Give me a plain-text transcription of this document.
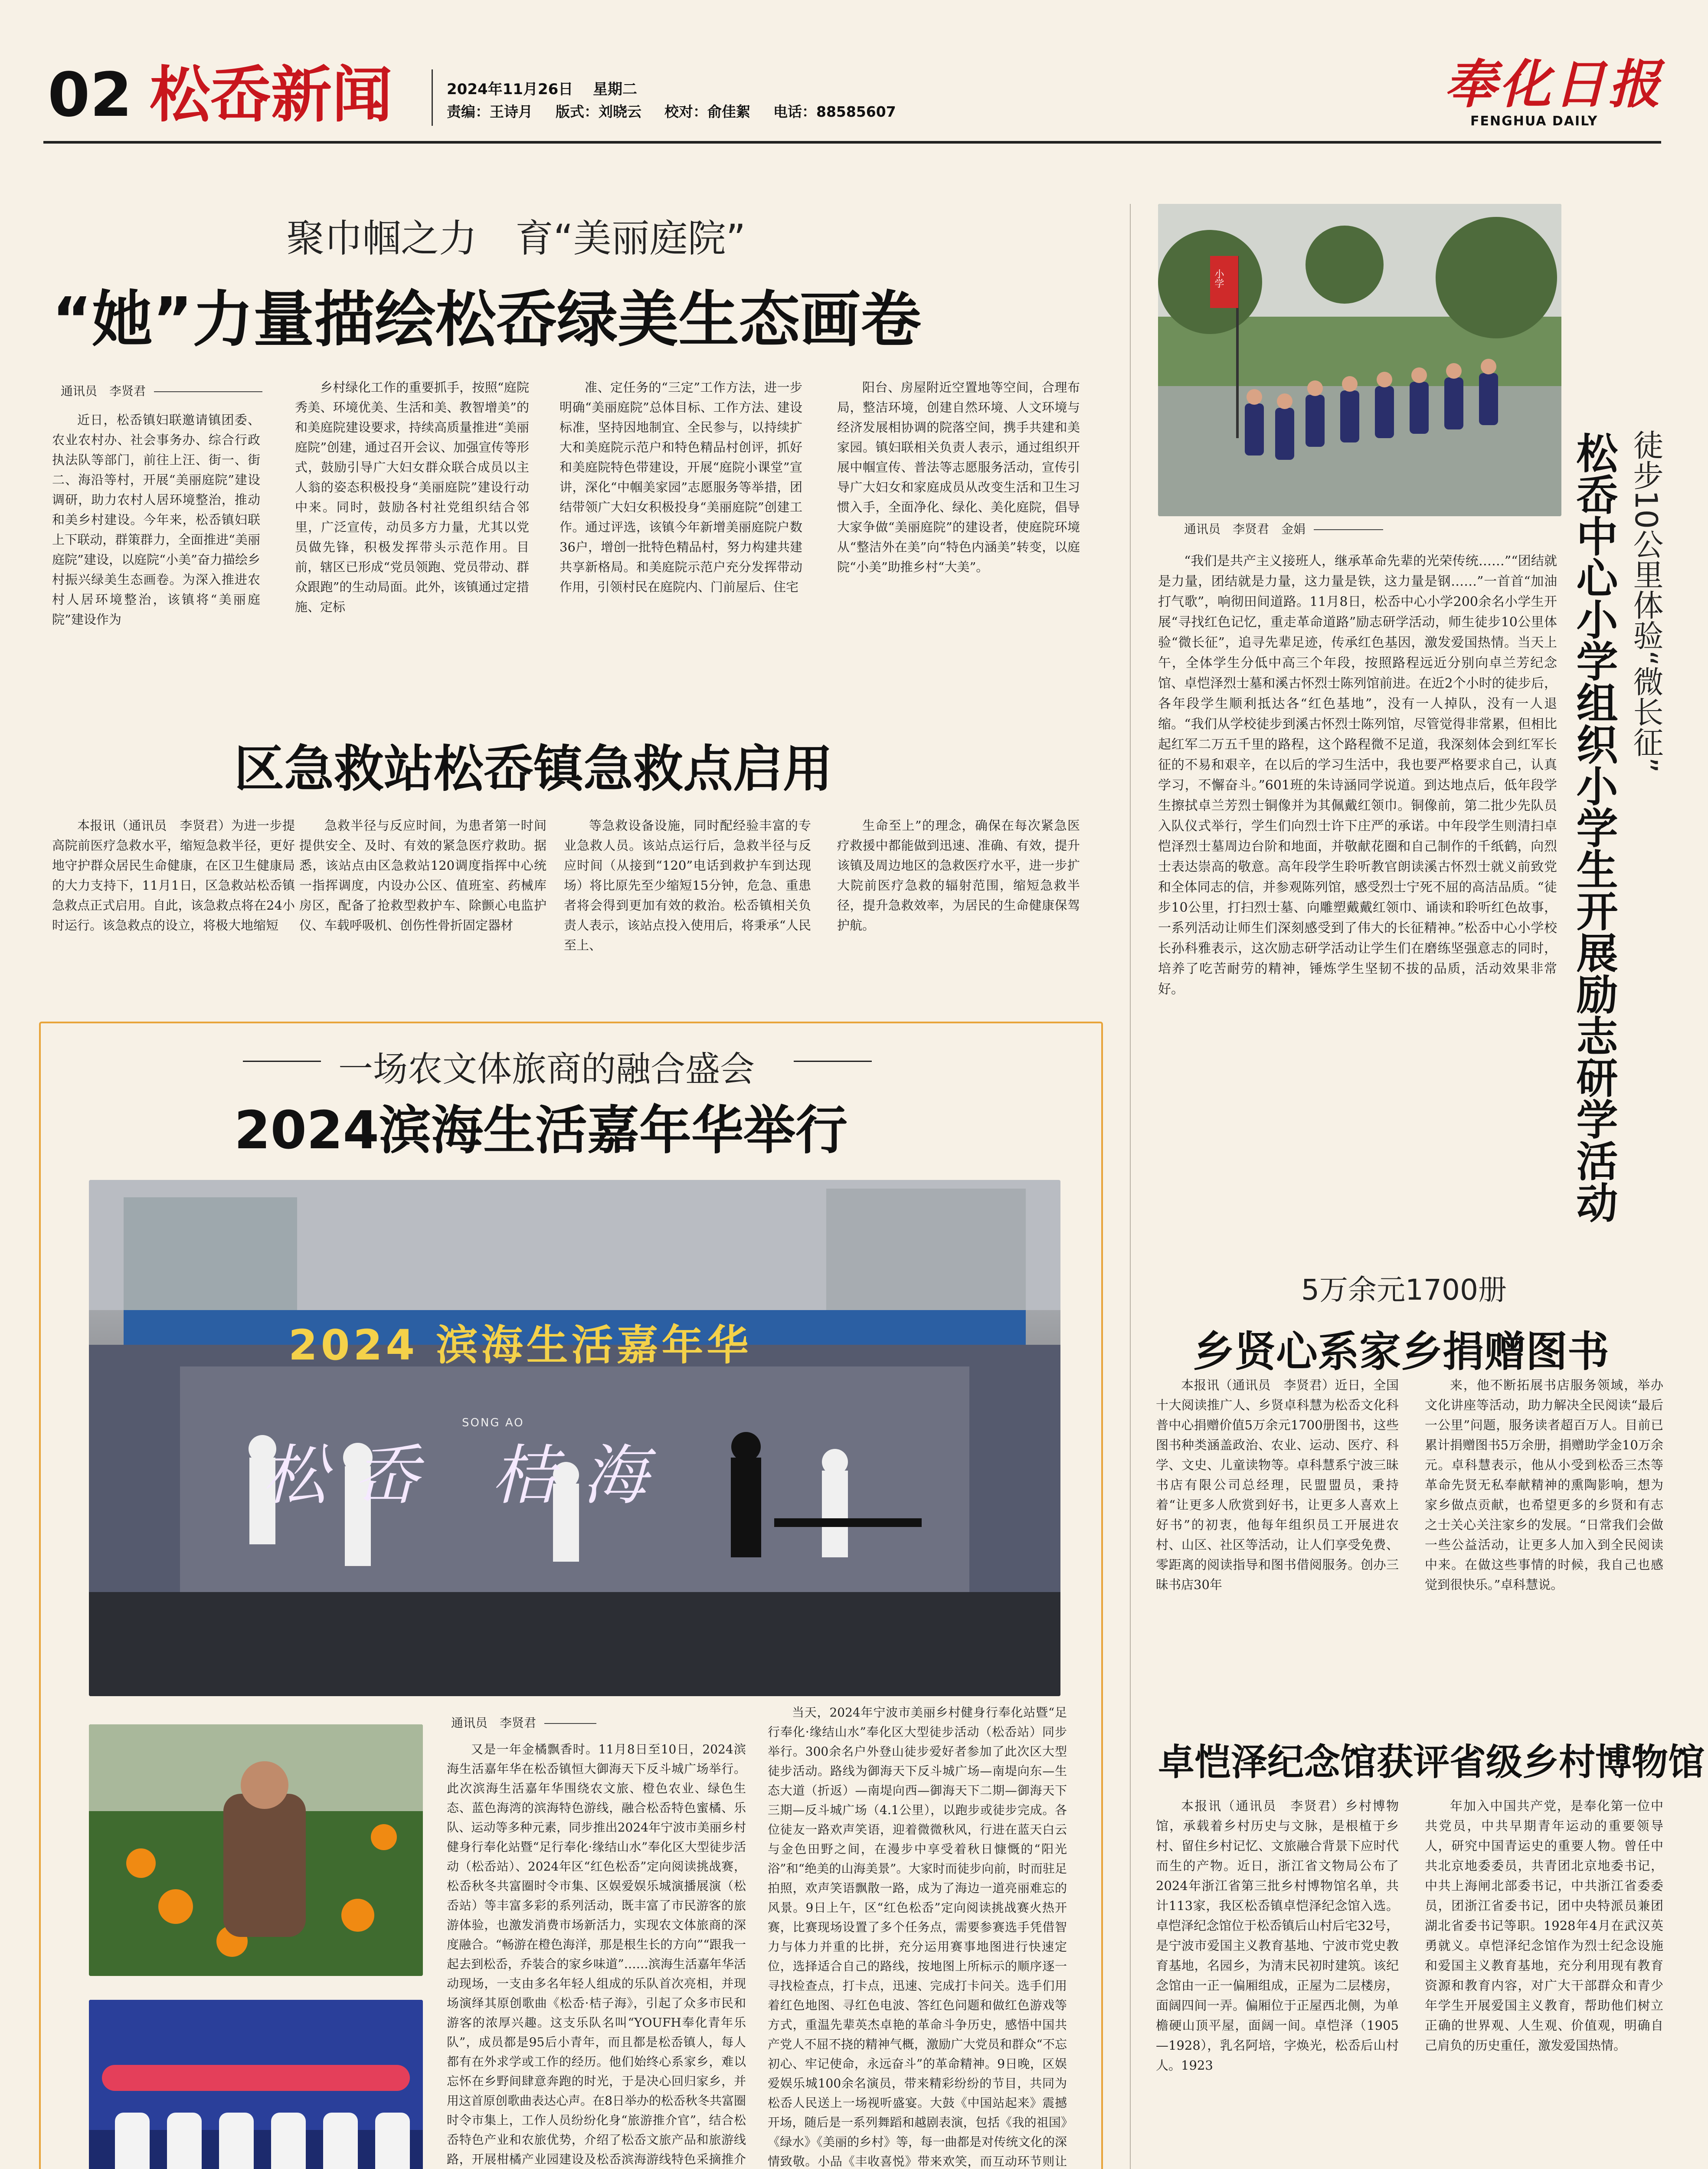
02 松岙新闻	2024年11月26日 星期二
责编：王诗月 版式：刘晓云 校对：俞佳絮 电话：88585607	奉化日报
FENGHUA DAILY
聚巾帼之力　育“美丽庭院”
“她”力量描绘松岙绿美生态画卷
通讯员　李贤君

近日，松岙镇妇联邀请镇团委、农业农村办、社会事务办、综合行政执法队等部门，前往上汪、街一、街二、海沿等村，开展“美丽庭院”建设调研，助力农村人居环境整治，推动和美乡村建设。今年来，松岙镇妇联上下联动，群策群力，全面推进“美丽庭院”建设，以庭院“小美”奋力描绘乡村振兴绿美生态画卷。为深入推进农村人居环境整治，该镇将“美丽庭院”建设作为

乡村绿化工作的重要抓手，按照“庭院秀美、环境优美、生活和美、教智增美”的和美庭院建设要求，持续高质量推进“美丽庭院”创建，通过召开会议、加强宣传等形式，鼓励引导广大妇女群众联合成员以主人翁的姿态积极投身“美丽庭院”建设行动中来。同时，鼓励各村社党组织结合邻里，广泛宣传，动员多方力量，尤其以党员做先锋，积极发挥带头示范作用。目前，辖区已形成“党员领跑、党员带动、群众跟跑”的生动局面。此外，该镇通过定措施、定标

准、定任务的“三定”工作方法，进一步明确“美丽庭院”总体目标、工作方法、建设标准，坚持因地制宜、全民参与，以持续扩大和美庭院示范户和特色精品村创评，抓好和美庭院特色带建设，开展“庭院小课堂”宣讲，深化“中帼美家园”志愿服务等举措，团结带领广大妇女积极投身“美丽庭院”创建工作。通过评选，该镇今年新增美丽庭院户数36户，增创一批特色精品村，努力构建共建共享新格局。和美庭院示范户充分发挥带动作用，引领村民在庭院内、门前屋后、住宅

阳台、房屋附近空置地等空间，合理布局，整洁环境，创建自然环境、人文环境与经济发展相协调的院落空间，携手共建和美家园。镇妇联相关负责人表示，通过组织开展中帼宣传、普法等志愿服务活动，宣传引导广大妇女和家庭成员从改变生活和卫生习惯入手，全面净化、绿化、美化庭院，倡导大家争做“美丽庭院”的建设者，使庭院环境从“整洁外在美”向“特色内涵美”转变，以庭院“小美”助推乡村“大美”。

区急救站松岙镇急救点启用

本报讯（通讯员　李贤君）为进一步提高院前医疗急救水平，缩短急救半径，更好地守护群众居民生命健康，在区卫生健康局的大力支持下，11月1日，区急救站松岙镇急救点正式启用。自此，该急救点将在24小时运行。该急救点的设立，将极大地缩短

急救半径与反应时间，为患者第一时间提供安全、及时、有效的紧急医疗救助。据悉，该站点由区急救站120调度指挥中心统一指挥调度，内设办公区、值班室、药械库房区，配备了抢救型救护车、除颤心电监护仪、车载呼吸机、创伤性骨折固定器材

等急救设备设施，同时配经验丰富的专业急救人员。该站点运行后，急救半径与反应时间（从接到“120”电话到救护车到达现场）将比原先至少缩短15分钟，危急、重患者将会得到更加有效的救治。松岙镇相关负责人表示，该站点投入使用后，将秉承“人民至上、

生命至上”的理念，确保在每次紧急医疗救援中都能做到迅速、准确、有效，提升该镇及周边地区的急救医疗水平，进一步扩大院前医疗急救的辐射范围，缩短急救半径，提升急救效率，为居民的生命健康保驾护航。

一场农文体旅商的融合盛会
2024滨海生活嘉年华举行
2024 滨海生活嘉年华
松岙 桔海
SONG AO
通讯员　李贤君

又是一年金橘飘香时。11月8日至10日，2024滨海生活嘉年华在松岙镇恒大御海天下反斗城广场举行。此次滨海生活嘉年华围绕农文旅、橙色农业、绿色生态、蓝色海湾的滨海特色游线，融合松岙特色蜜橘、乐队、运动等多种元素，同步推出2024年宁波市美丽乡村健身行奉化站暨“足行奉化·缘结山水”奉化区大型徒步活动（松岙站）、2024年区“红色松岙”定向阅读挑战赛，松岙秋冬共富圈时令市集、区娱爱娱乐城演播展演（松岙站）等丰富多彩的系列活动，既丰富了市民游客的旅游体验，也激发消费市场新活力，实现农文体旅商的深度融合。“畅游在橙色海洋，那是根生长的方向”“跟我一起去到松岙，乔装合的家乡味道”……滨海生活嘉年华活动现场，一支由多名年轻人组成的乐队首次亮相，并现场演绎其原创歌曲《松岙·桔子海》，引起了众多市民和游客的浓厚兴趣。这支乐队名叫“YOUFH奉化青年乐队”，成员都是95后小青年，而且都是松岙镇人，每人都有在外求学或工作的经历。他们始终心系家乡，难以忘怀在乡野间肆意奔跑的时光，于是决心回归家乡，并用这首原创歌曲表达心声。在8日举办的松岙秋冬共富圈时令市集上，工作人员纷纷化身“旅游推介官”，结合松岙特色产业和农旅优势，介绍了松岙文旅产品和旅游线路，开展柑橘产业园建设及松岙滨海游线特色采摘推介

当天，2024年宁波市美丽乡村健身行奉化站暨“足行奉化·缘结山水”奉化区大型徒步活动（松岙站）同步举行。300余名户外登山徒步爱好者参加了此次区大型徒步活动。路线为御海天下反斗城广场—南堤向东—生态大道（折返）—南堤向西—御海天下二期—御海天下三期—反斗城广场（4.1公里），以跑步或徒步完成。各位徒友一路欢声笑语，迎着微微秋风，行进在蓝天白云与金色田野之间，在漫步中享受着秋日慷慨的“阳光浴”和“绝美的山海美景”。大家时而徒步向前，时而驻足拍照，欢声笑语飘散一路，成为了海边一道亮丽难忘的风景。9日上午，区“红色松岙”定向阅读挑战赛火热开赛，比赛现场设置了多个任务点，需要参赛选手凭借智力与体力并重的比拼，充分运用赛事地图进行快速定位，选择适合自己的路线，按地图上所标示的顺序逐一寻找检查点，打卡点，迅速、完成打卡问关。选手们用着红色地图、寻红色电波、答红色问题和做红色游戏等方式，重温先辈英杰卓艳的革命斗争历史，感悟中国共产党人不屈不挠的精神气概，激励广大党员和群众“不忘初心、牢记使命，永远奋斗”的革命精神。9日晚，区娱爱娱乐城100余名演员，带来精彩纷纷的节目，共同为松岙人民送上一场视听盛宴。大鼓《中国站起来》震撼开场，随后是一系列舞蹈和越剧表演，包括《我的祖国》《绿水》《美丽的乡村》等，每一曲都是对传统文化的深情致敬。小品《丰收喜悦》带来欢笑，而互动环节则让

小学
徒步10公里体验“微长征”
松岙中心小学组织小学生开展励志研学活动
通讯员　李贤君　金娟

“我们是共产主义接班人，继承革命先辈的光荣传统……”“团结就是力量，团结就是力量，这力量是铁，这力量是钢……”一首首“加油打气歌”，响彻田间道路。11月8日，松岙中心小学200余名小学生开展“寻找红色记忆，重走革命道路”励志研学活动，师生徒步10公里体验“微长征”，追寻先辈足迹，传承红色基因，激发爱国热情。当天上午，全体学生分低中高三个年段，按照路程远近分别向卓兰芳纪念馆、卓恺泽烈士墓和溪古怀烈士陈列馆前进。在近2个小时的徒步后，各年段学生顺利抵达各“红色基地”，没有一人掉队，没有一人退缩。“我们从学校徒步到溪古怀烈士陈列馆，尽管觉得非常累，但相比起红军二万五千里的路程，这个路程微不足道，我深刻体会到红军长征的不易和艰辛，在以后的学习生活中，我也要严格要求自己，认真学习，不懈奋斗。”601班的朱诗涵同学说道。到达地点后，低年段学生擦拭卓兰芳烈士铜像并为其佩戴红领巾。铜像前，第二批少先队员入队仪式举行，学生们向烈士许下庄严的承诺。中年段学生则清扫卓恺泽烈士墓周边台阶和地面，并敬献花圈和自己制作的千纸鹤，向烈士表达崇高的敬意。高年段学生聆听教官朗读溪古怀烈士就义前致党和全体同志的信，并参观陈列馆，感受烈士宁死不屈的高洁品质。“徒步10公里，打扫烈士墓、向雕塑戴戴红领巾、诵读和聆听红色故事，一系列活动让师生们深刻感受到了伟大的长征精神。”松岙中心小学校长孙科雅表示，这次励志研学活动让学生们在磨练坚强意志的同时，培养了吃苦耐劳的精神，锤炼学生坚韧不拔的品质，活动效果非常好。

5万余元1700册
乡贤心系家乡捐赠图书

本报讯（通讯员　李贤君）近日，全国十大阅读推广人、乡贤卓科慧为松岙文化科普中心捐赠价值5万余元1700册图书，这些图书种类涵盖政治、农业、运动、医疗、科学、文史、儿童读物等。卓科慧系宁波三昧书店有限公司总经理，民盟盟员，秉持着“让更多人欣赏到好书，让更多人喜欢上好书”的初衷，他每年组织员工开展进农村、山区、社区等活动，让人们享受免费、零距离的阅读指导和图书借阅服务。创办三昧书店30年

来，他不断拓展书店服务领域，举办文化讲座等活动，助力解决全民阅读“最后一公里”问题，服务读者超百万人。目前已累计捐赠图书5万余册，捐赠助学金10万余元。卓科慧表示，他从小受到松岙三杰等革命先贤无私奉献精神的熏陶影响，想为家乡做点贡献，也希望更多的乡贤和有志之士关心关注家乡的发展。“日常我们会做一些公益活动，让更多人加入到全民阅读中来。在做这些事情的时候，我自己也感觉到很快乐。”卓科慧说。

卓恺泽纪念馆获评省级乡村博物馆

本报讯（通讯员　李贤君）乡村博物馆，承载着乡村历史与文脉，是根植于乡村、留住乡村记忆、文旅融合背景下应时代而生的产物。近日，浙江省文物局公布了2024年浙江省第三批乡村博物馆名单，共计113家，我区松岙镇卓恺泽纪念馆入选。卓恺泽纪念馆位于松岙镇后山村后宅32号，是宁波市爱国主义教育基地、宁波市党史教育基地，名园乡，为清末民初时建筑。该纪念馆由一正一偏厢组成，正屋为二层楼房，面阔四间一弄。偏厢位于正屋西北侧，为单檐硬山顶平屋，面阔一间。卓恺泽（1905—1928），乳名阿培，字焕光，松岙后山村人。1923

年加入中国共产党，是奉化第一位中共党员，中共早期青年运动的重要领导人，研究中国青运史的重要人物。曾任中共北京地委委员，共青团北京地委书记，中共上海闸北部委书记，中共浙江省委委员，团浙江省委书记，团中央特派员兼团湖北省委书记等职。1928年4月在武汉英勇就义。卓恺泽纪念馆作为烈士纪念设施和爱国主义教育基地，充分利用现有教育资源和教育内容，对广大干部群众和青少年学生开展爱国主义教育，帮助他们树立正确的世界观、人生观、价值观，明确自己肩负的历史重任，激发爱国热情。
